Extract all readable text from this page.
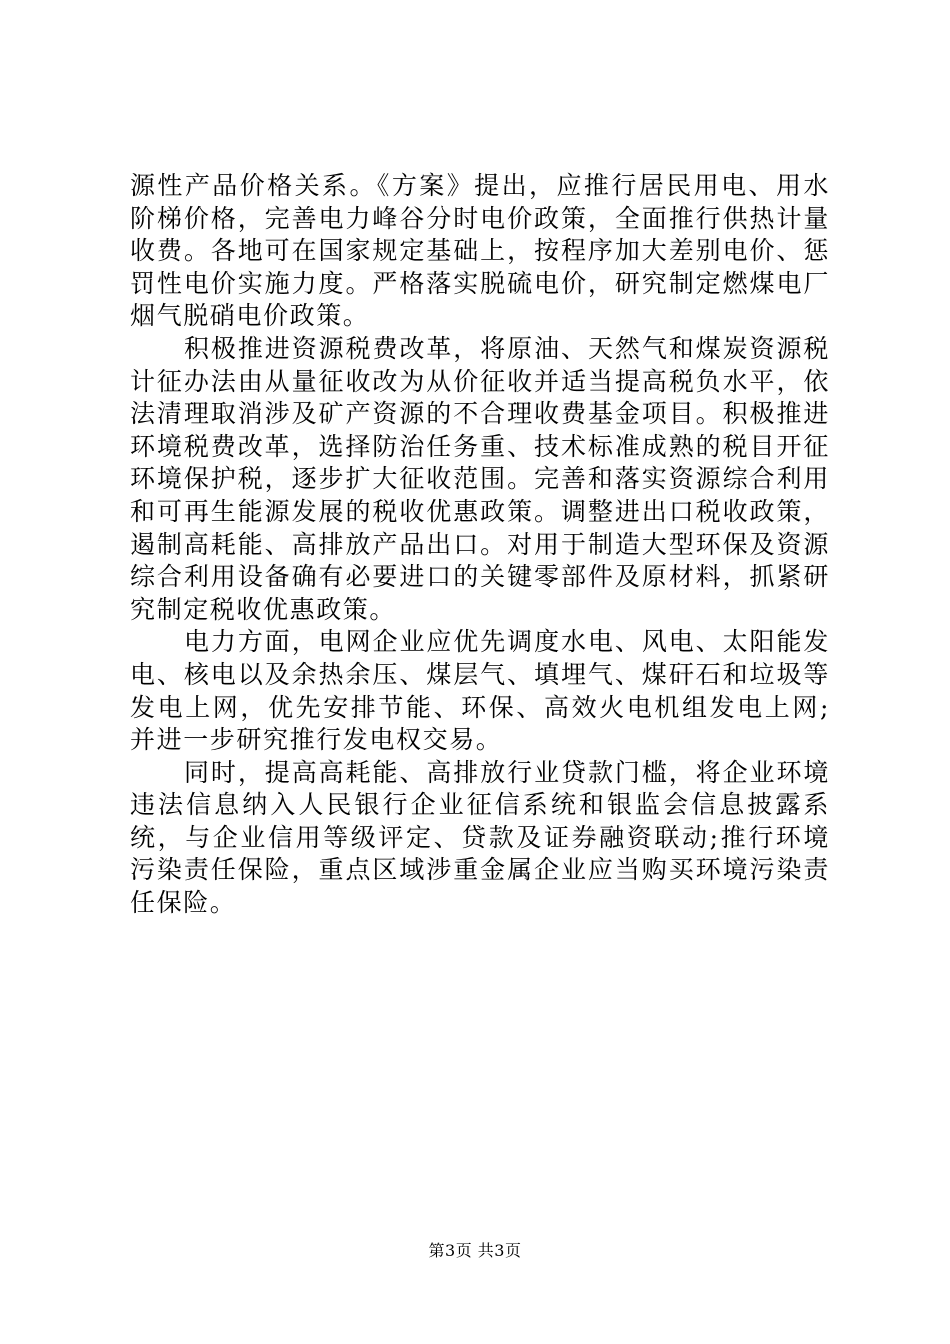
源性产品价格关系。《方案》提出，应推行居民用电、用水阶梯价格，完善电力峰谷分时电价政策，全面推行供热计量收费。各地可在国家规定基础上，按程序加大差别电价、惩罚性电价实施力度。严格落实脱硫电价，研究制定燃煤电厂烟气脱硝电价政策。

积极推进资源税费改革，将原油、天然气和煤炭资源税计征办法由从量征收改为从价征收并适当提高税负水平，依法清理取消涉及矿产资源的不合理收费基金项目。积极推进环境税费改革，选择防治任务重、技术标准成熟的税目开征环境保护税，逐步扩大征收范围。完善和落实资源综合利用和可再生能源发展的税收优惠政策。调整进出口税收政策，遏制高耗能、高排放产品出口。对用于制造大型环保及资源综合利用设备确有必要进口的关键零部件及原材料，抓紧研究制定税收优惠政策。

电力方面，电网企业应优先调度水电、风电、太阳能发电、核电以及余热余压、煤层气、填埋气、煤矸石和垃圾等发电上网，优先安排节能、环保、高效火电机组发电上网;并进一步研究推行发电权交易。

同时，提高高耗能、高排放行业贷款门槛，将企业环境违法信息纳入人民银行企业征信系统和银监会信息披露系统，与企业信用等级评定、贷款及证券融资联动;推行环境污染责任保险，重点区域涉重金属企业应当购买环境污染责任保险。

第3页 共3页
